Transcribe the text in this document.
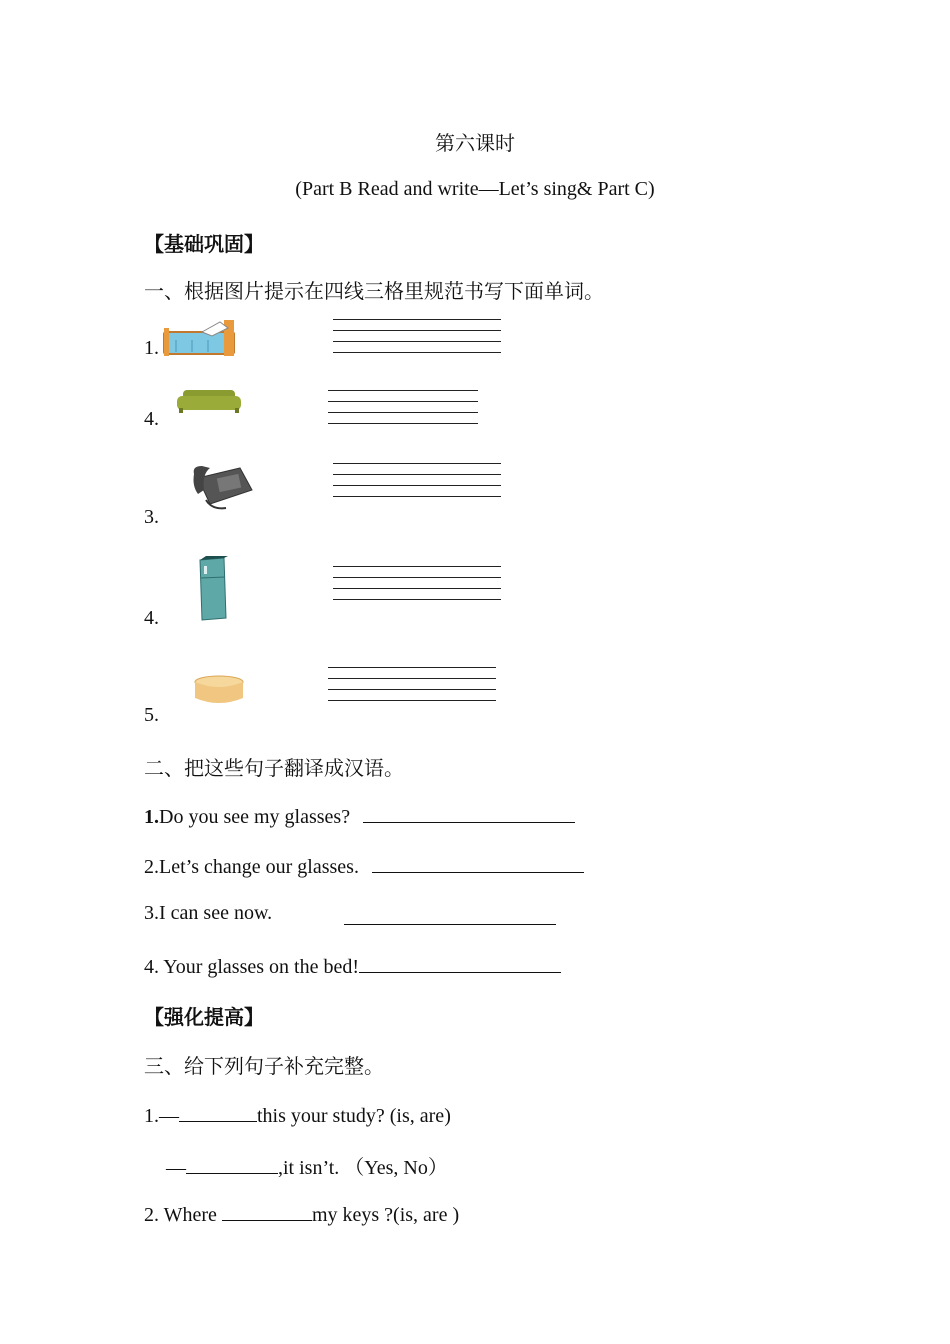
第六课时
(Part B Read and write—Let’s sing& Part C)
【基础巩固】
一、根据图片提示在四线三格里规范书写下面单词。
1.
4.
3.
4.
5.
二、把这些句子翻译成汉语。
1.Do you see my glasses?
2.Let’s change our glasses.
3.I can see now.
4. Your glasses on the bed!
【强化提高】
三、给下列句子补充完整。
1.—	this your study? (is, are)
—	,it isn’t. （Yes, No）
2. Where	my keys ?(is, are )
